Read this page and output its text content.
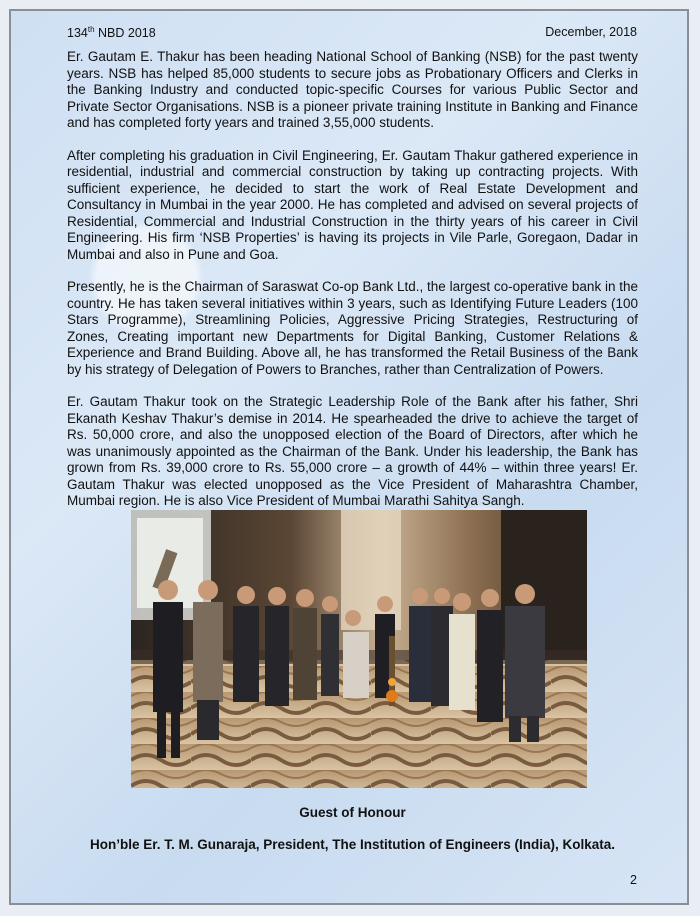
134th NBD 2018	December, 2018

Er. Gautam E. Thakur has been heading National School of Banking (NSB) for the past twenty years. NSB has helped 85,000 students to secure jobs as Probationary Officers and Clerks in the Banking Industry and conducted topic-specific Courses for various Public Sector and Private Sector Organisations. NSB is a pioneer private training Institute in Banking and Finance and has completed forty years and trained 3,55,000 students.

After completing his graduation in Civil Engineering, Er. Gautam Thakur gathered experience in residential, industrial and commercial construction by taking up contracting projects. With sufficient experience, he decided to start the work of Real Estate Development and Consultancy in Mumbai in the year 2000. He has completed and advised on several projects of Residential, Commercial and Industrial Construction in the thirty years of his career in Civil Engineering. His firm ‘NSB Properties’ is having its projects in Vile Parle, Goregaon, Dadar in Mumbai and also in Pune and Goa.

Presently, he is the Chairman of Saraswat Co-op Bank Ltd., the largest co-operative bank in the country. He has taken several initiatives within 3 years, such as Identifying Future Leaders (100 Stars Programme), Streamlining Policies, Aggressive Pricing Strategies, Restructuring of Zones, Creating important new Departments for Digital Banking, Customer Relations & Experience and Brand Building. Above all, he has transformed the Retail Business of the Bank by his strategy of Delegation of Powers to Branches, rather than Centralization of Powers.

Er. Gautam Thakur took on the Strategic Leadership Role of the Bank after his father, Shri Ekanath Keshav Thakur’s demise in 2014. He spearheaded the drive to achieve the target of Rs. 50,000 crore, and also the unopposed election of the Board of Directors, after which he was unanimously appointed as the Chairman of the Bank. Under his leadership, the Bank has grown from Rs. 39,000 crore to Rs. 55,000 crore – a growth of 44% – within three years! Er. Gautam Thakur was elected unopposed as the Vice President of Maharashtra Chamber, Mumbai region. He is also Vice President of Mumbai Marathi Sahitya Sangh.

Guest of Honour
Hon’ble Er. T. M. Gunaraja, President, The Institution of Engineers (India), Kolkata.
2
